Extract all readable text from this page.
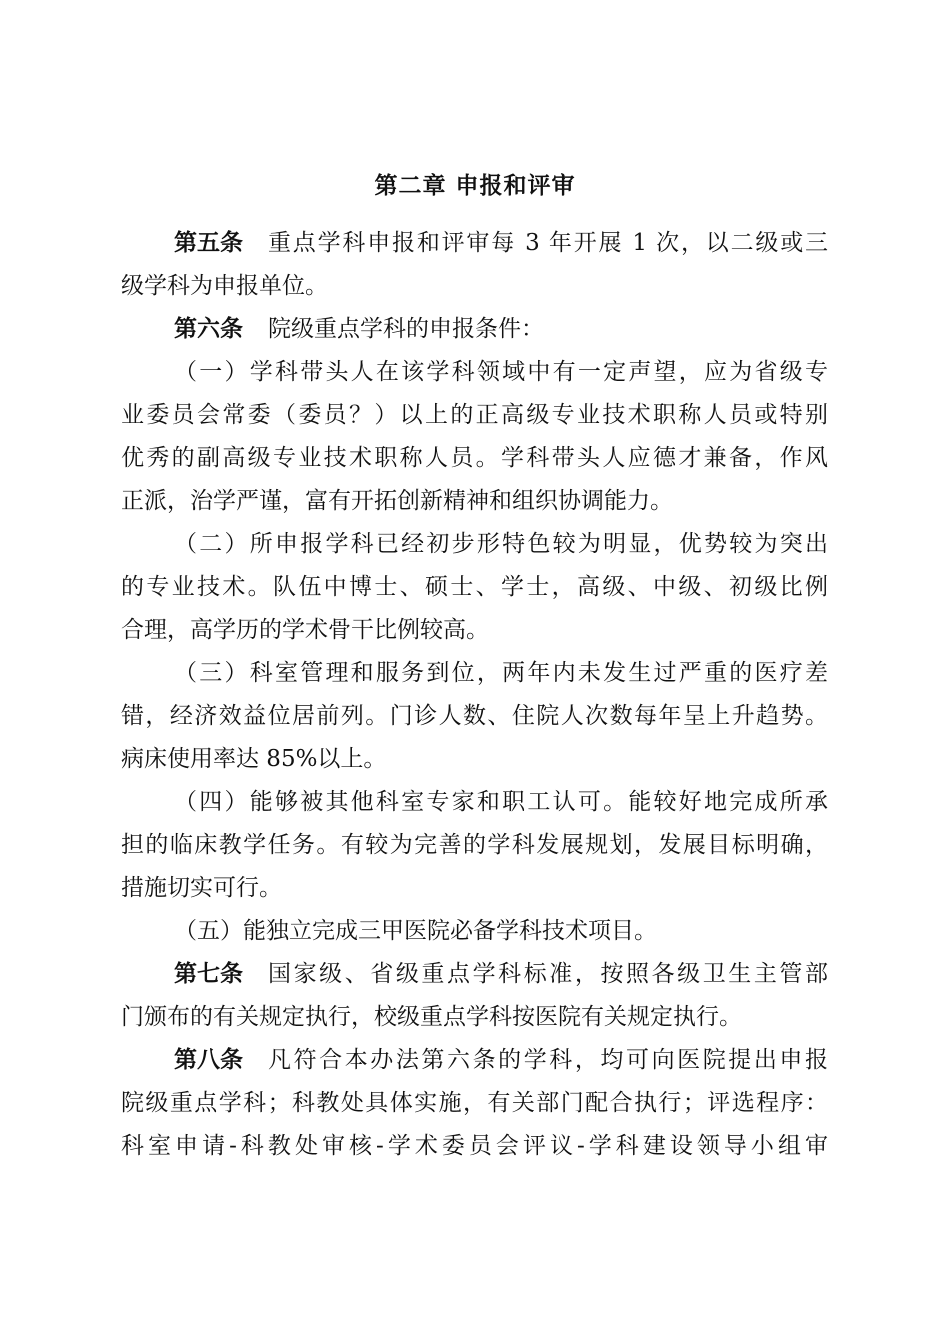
第二章 申报和评审
第五条 重点学科申报和评审每 3 年开展 1 次，以二级或三
级学科为申报单位。
第六条 院级重点学科的申报条件：
（一）学科带头人在该学科领域中有一定声望，应为省级专
业委员会常委（委员？）以上的正高级专业技术职称人员或特别
优秀的副高级专业技术职称人员。学科带头人应德才兼备，作风
正派，治学严谨，富有开拓创新精神和组织协调能力。
（二）所申报学科已经初步形特色较为明显，优势较为突出
的专业技术。队伍中博士、硕士、学士，高级、中级、初级比例
合理，高学历的学术骨干比例较高。
（三）科室管理和服务到位，两年内未发生过严重的医疗差
错，经济效益位居前列。门诊人数、住院人次数每年呈上升趋势。
病床使用率达 85%以上。
（四）能够被其他科室专家和职工认可。能较好地完成所承
担的临床教学任务。有较为完善的学科发展规划，发展目标明确，
措施切实可行。
（五）能独立完成三甲医院必备学科技术项目。
第七条 国家级、省级重点学科标准，按照各级卫生主管部
门颁布的有关规定执行，校级重点学科按医院有关规定执行。
第八条 凡符合本办法第六条的学科，均可向医院提出申报
院级重点学科；科教处具体实施，有关部门配合执行；评选程序：
科室申请-科教处审核-学术委员会评议-学科建设领导小组审
